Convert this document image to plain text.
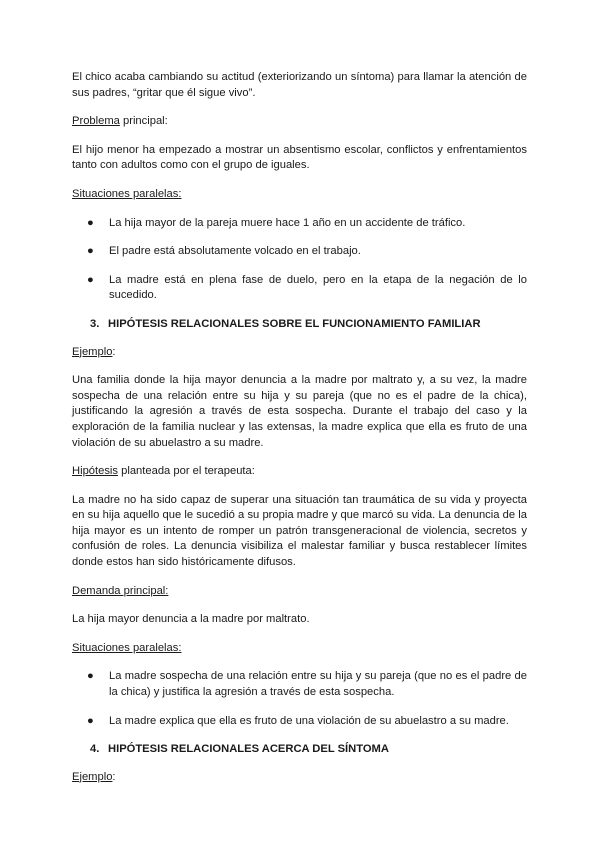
El chico acaba cambiando su actitud (exteriorizando un síntoma) para llamar la atención de sus padres, “gritar que él sigue vivo”.

Problema principal:

El hijo menor ha empezado a mostrar un absentismo escolar, conflictos y enfrentamientos tanto con adultos como con el grupo de iguales.

Situaciones paralelas:

● La hija mayor de la pareja muere hace 1 año en un accidente de tráfico.
● El padre está absolutamente volcado en el trabajo.
● La madre está en plena fase de duelo, pero en la etapa de la negación de lo sucedido.
3. HIPÓTESIS RELACIONALES SOBRE EL FUNCIONAMIENTO FAMILIAR

Ejemplo:

Una familia donde la hija mayor denuncia a la madre por maltrato y, a su vez, la madre sospecha de una relación entre su hija y su pareja (que no es el padre de la chica), justificando la agresión a través de esta sospecha. Durante el trabajo del caso y la exploración de la familia nuclear y las extensas, la madre explica que ella es fruto de una violación de su abuelastro a su madre.

Hipótesis planteada por el terapeuta:

La madre no ha sido capaz de superar una situación tan traumática de su vida y proyecta en su hija aquello que le sucedió a su propia madre y que marcó su vida. La denuncia de la hija mayor es un intento de romper un patrón transgeneracional de violencia, secretos y confusión de roles. La denuncia visibiliza el malestar familiar y busca restablecer límites donde estos han sido históricamente difusos.

Demanda principal:

La hija mayor denuncia a la madre por maltrato.

Situaciones paralelas:

● La madre sospecha de una relación entre su hija y su pareja (que no es el padre de la chica) y justifica la agresión a través de esta sospecha.
● La madre explica que ella es fruto de una violación de su abuelastro a su madre.
4. HIPÓTESIS RELACIONALES ACERCA DEL SÍNTOMA

Ejemplo:
